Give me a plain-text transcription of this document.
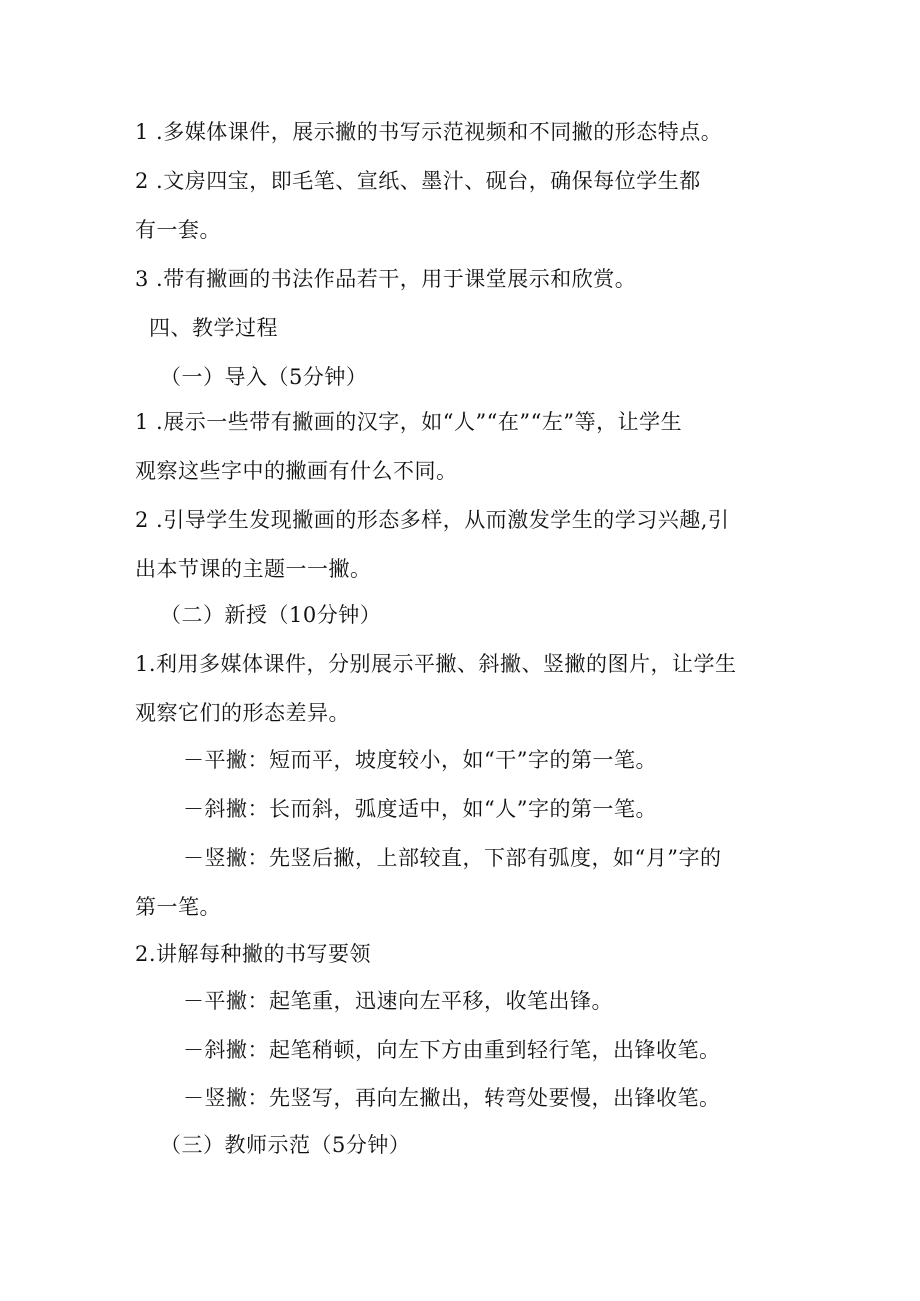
1 .多媒体课件，展示撇的书写示范视频和不同撇的形态特点。
2 .文房四宝，即毛笔、宣纸、墨汁、砚台，确保每位学生都
有一套。
3 .带有撇画的书法作品若干，用于课堂展示和欣赏。
四、教学过程
（一）导入（5分钟）
1 .展示一些带有撇画的汉字，如“人”“在”“左”等，让学生
观察这些字中的撇画有什么不同。
2 .引导学生发现撇画的形态多样，从而激发学生的学习兴趣,引
出本节课的主题一一撇。
（二）新授（10分钟）
1.利用多媒体课件，分别展示平撇、斜撇、竖撇的图片，让学生
观察它们的形态差异。
－平撇：短而平，坡度较小，如“干”字的第一笔。
－斜撇：长而斜，弧度适中，如“人”字的第一笔。
－竖撇：先竖后撇，上部较直，下部有弧度，如“月”字的
第一笔。
2.讲解每种撇的书写要领
－平撇：起笔重，迅速向左平移，收笔出锋。
－斜撇：起笔稍顿，向左下方由重到轻行笔，出锋收笔。
－竖撇：先竖写，再向左撇出，转弯处要慢，出锋收笔。
（三）教师示范（5分钟）
